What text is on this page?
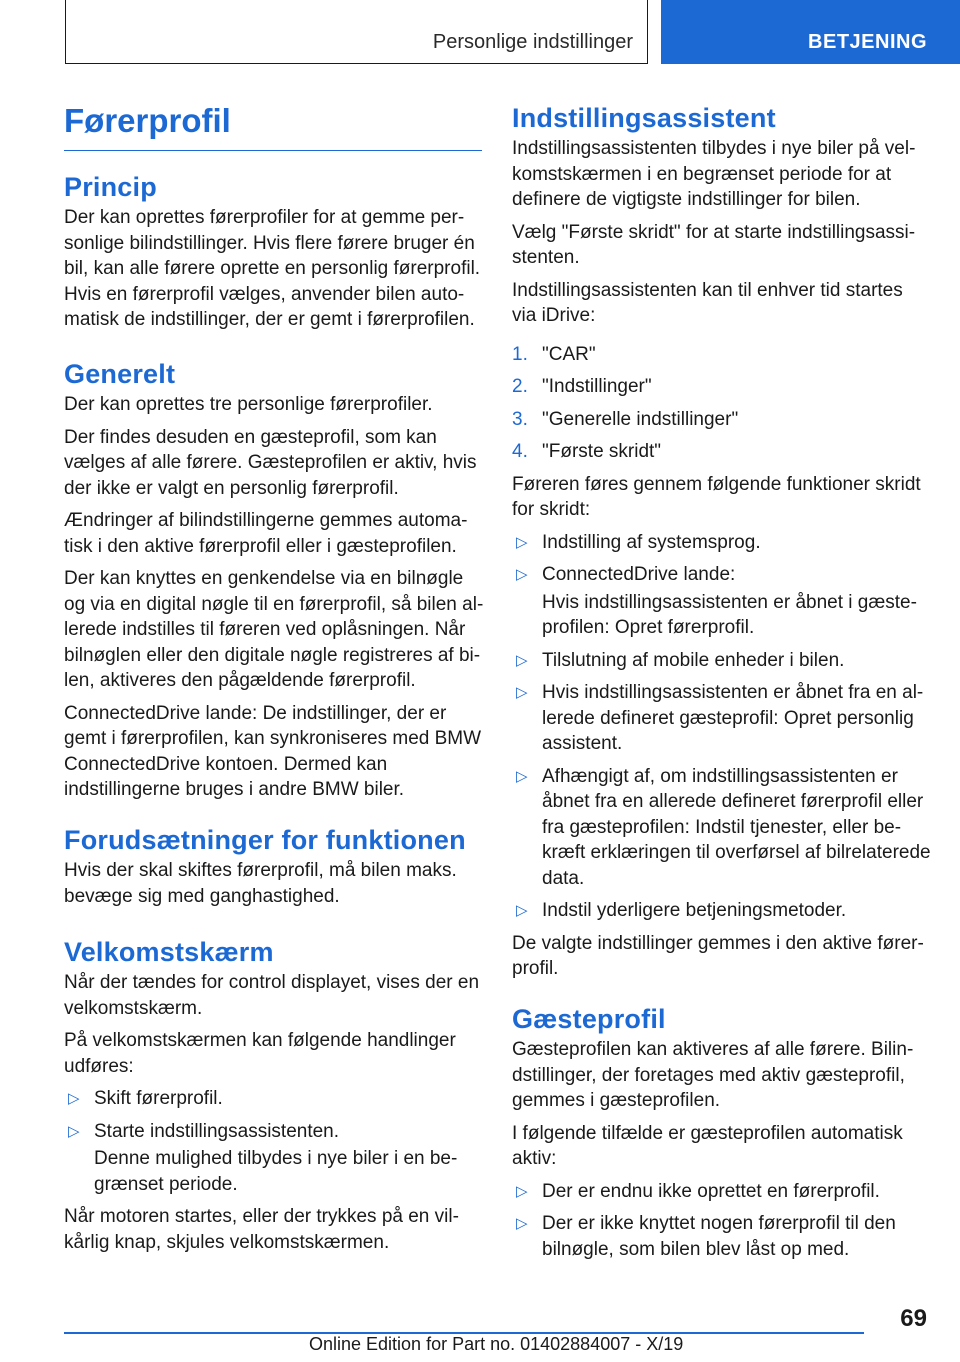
Personlige indstillinger	BETJENING
Førerprofil
Princip

Der kan oprettes førerprofiler for at gemme personlige bilindstillinger. Hvis flere førere bruger én bil, kan alle førere oprette en personlig førerprofil. Hvis en førerprofil vælges, anvender bilen automatisk de indstillinger, der er gemt i førerprofilen.

Generelt

Der kan oprettes tre personlige førerprofiler.

Der findes desuden en gæsteprofil, som kan vælges af alle førere. Gæsteprofilen er aktiv, hvis der ikke er valgt en personlig førerprofil.

Ændringer af bilindstillingerne gemmes automatisk i den aktive førerprofil eller i gæsteprofilen.

Der kan knyttes en genkendelse via en bilnøgle og via en digital nøgle til en førerprofil, så bilen allerede indstilles til føreren ved oplåsningen. Når bilnøglen eller den digitale nøgle registreres af bilen, aktiveres den pågældende førerprofil.

ConnectedDrive lande: De indstillinger, der er gemt i førerprofilen, kan synkroniseres med BMW ConnectedDrive kontoen. Dermed kan indstillingerne bruges i andre BMW biler.

Forudsætninger for funktionen

Hvis der skal skiftes førerprofil, må bilen maks. bevæge sig med ganghastighed.

Velkomstskærm

Når der tændes for control displayet, vises der en velkomstskærm.

På velkomstskærmen kan følgende handlinger udføres:

▷ Skift førerprofil.
▷ Starte indstillingsassistenten.
Denne mulighed tilbydes i nye biler i en begrænset periode.

Når motoren startes, eller der trykkes på en vilkårlig knap, skjules velkomstskærmen.

Indstillingsassistent

Indstillingsassistenten tilbydes i nye biler på velkomstskærmen i en begrænset periode for at definere de vigtigste indstillinger for bilen.

Vælg "Første skridt" for at starte indstillingsassistenten.

Indstillingsassistenten kan til enhver tid startes via iDrive:

1. "CAR"
2. "Indstillinger"
3. "Generelle indstillinger"
4. "Første skridt"

Føreren føres gennem følgende funktioner skridt for skridt:

▷ Indstilling af systemsprog.
▷ ConnectedDrive lande:
Hvis indstillingsassistenten er åbnet i gæsteprofilen: Opret førerprofil.
▷ Tilslutning af mobile enheder i bilen.
▷ Hvis indstillingsassistenten er åbnet fra en allerede defineret gæsteprofil: Opret personlig assistent.
▷ Afhængigt af, om indstillingsassistenten er åbnet fra en allerede defineret førerprofil eller fra gæsteprofilen: Indstil tjenester, eller bekræft erklæringen til overførsel af bilrelaterede data.
▷ Indstil yderligere betjeningsmetoder.

De valgte indstillinger gemmes i den aktive førerprofil.

Gæsteprofil

Gæsteprofilen kan aktiveres af alle førere. Bilindstillinger, der foretages med aktiv gæsteprofil, gemmes i gæsteprofilen.

I følgende tilfælde er gæsteprofilen automatisk aktiv:

▷ Der er endnu ikke oprettet en førerprofil.
▷ Der er ikke knyttet nogen førerprofil til den bilnøgle, som bilen blev låst op med.
69
Online Edition for Part no. 01402884007 - X/19
